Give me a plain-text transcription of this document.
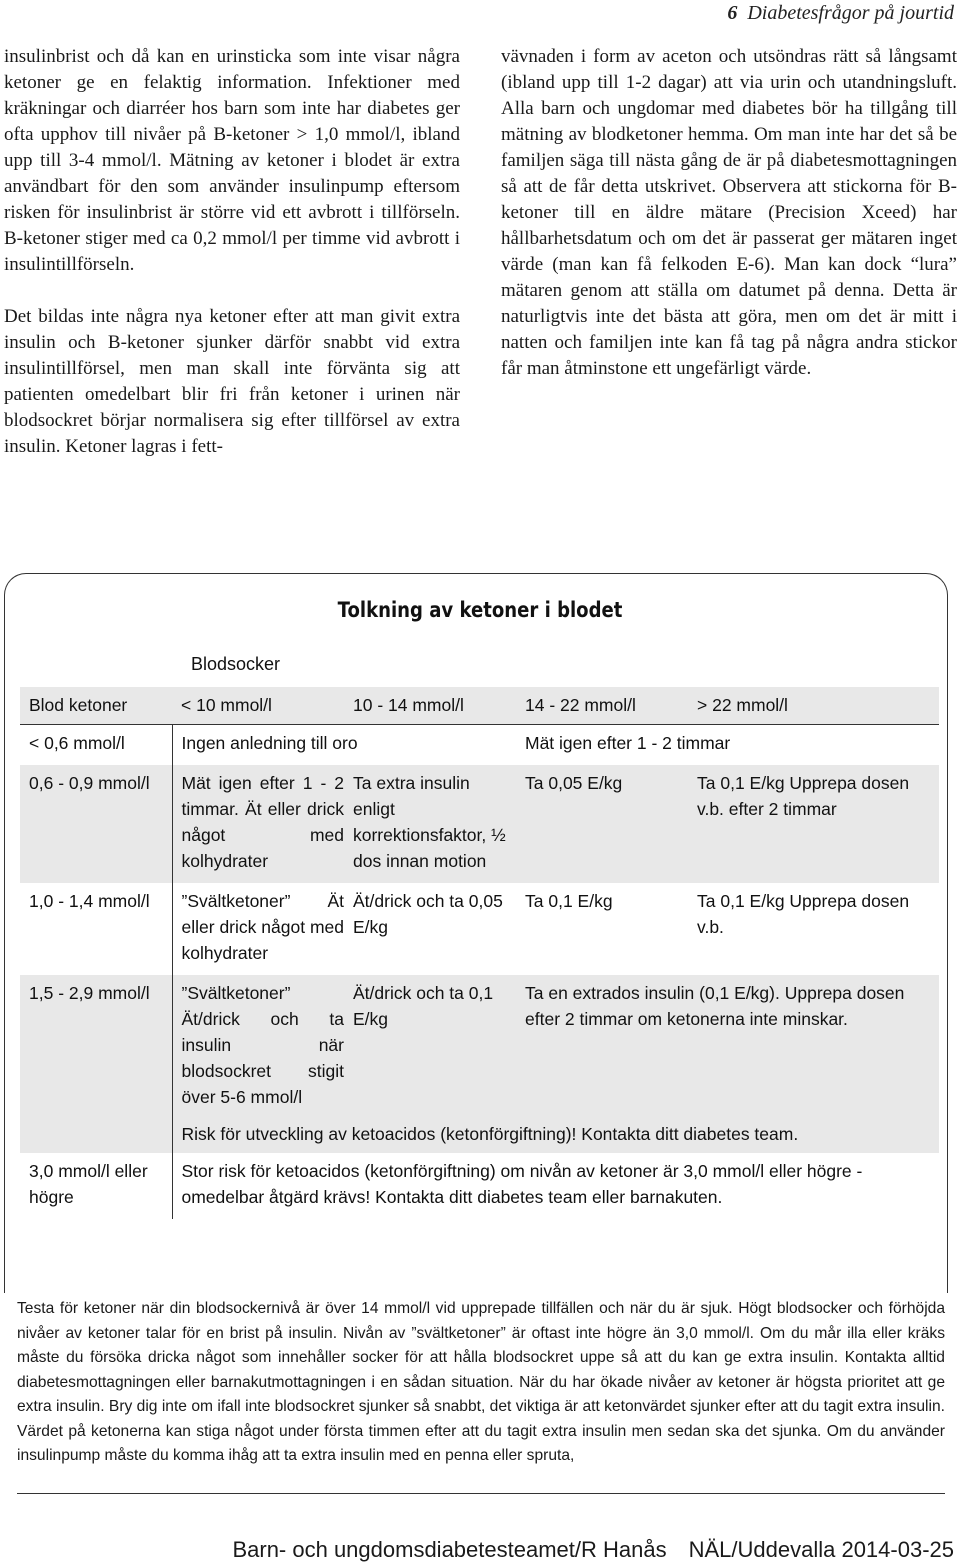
6 Diabetesfrågor på jourtid

insulinbrist och då kan en urinsticka som inte visar några ketoner ge en felaktig information. Infektioner med kräkningar och diarréer hos barn som inte har diabetes ger ofta upphov till nivåer på B-ketoner > 1,0 mmol/l, ibland upp till 3-4 mmol/l. Mätning av ketoner i blodet är extra användbart för den som använder insulinpump eftersom risken för insulinbrist är större vid ett avbrott i tillförseln. B-ketoner stiger med ca 0,2 mmol/l per timme vid avbrott i insulintillförseln.

Det bildas inte några nya ketoner efter att man givit extra insulin och B-ketoner sjunker därför snabbt vid extra insulintillförsel, men man skall inte förvänta sig att patienten omedelbart blir fri från ketoner i urinen när blodsockret börjar normalisera sig efter tillförsel av extra insulin. Ketoner lagras i fett-

vävnaden i form av aceton och utsöndras rätt så långsamt (ibland upp till 1-2 dagar) att via urin och utandningsluft. Alla barn och ungdomar med diabetes bör ha tillgång till mätning av blodketoner hemma. Om man inte har det så be familjen säga till nästa gång de är på diabetesmottagningen så att de får detta utskrivet. Observera att stickorna för B-ketoner till en äldre mätare (Precision Xceed) har hållbarhetsdatum och om det är passerat ger mätaren inget värde (man kan få felkoden E-6). Man kan dock “lura” mätaren genom att ställa om datumet på denna. Detta är naturligtvis inte det bästa att göra, men om det är mitt i natten och familjen inte kan få tag på några andra stickor får man åtminstone ett ungefärligt värde.

Tolkning av ketoner i blodet
Blodsocker
Blod ketoner	< 10 mmol/l	10 - 14 mmol/l	14 - 22 mmol/l	> 22 mmol/l
< 0,6 mmol/l	Ingen anledning till oro		Mät igen efter 1 - 2 timmar	
0,6 - 0,9 mmol/l	Mät igen efter 1 - 2 timmar. Ät eller drick något med kolhydrater	Ta extra insulin enligt korrektionsfaktor, ½ dos innan motion	Ta 0,05 E/kg	Ta 0,1 E/kg Upprepa dosen v.b. efter 2 timmar
1,0 - 1,4 mmol/l	”Svältketoner” Ät eller drick något med kolhydrater	Ät/drick och ta 0,05 E/kg	Ta 0,1 E/kg	Ta 0,1 E/kg Upprepa dosen v.b.
1,5 - 2,9 mmol/l	”Svältketoner” Ät/drick och ta insulin när blodsockret stigit över 5-6 mmol/l	Ät/drick och ta 0,1 E/kg	Ta en extrados insulin (0,1 E/kg). Upprepa dosen efter 2 timmar om ketonerna inte minskar.	
	Risk för utveckling av ketoacidos (ketonförgiftning)! Kontakta ditt diabetes team.			
3,0 mmol/l eller högre	Stor risk för ketoacidos (ketonförgiftning) om nivån av ketoner är 3,0 mmol/l eller högre - omedelbar åtgärd krävs! Kontakta ditt diabetes team eller barnakuten.			
Testa för ketoner när din blodsockernivå är över 14 mmol/l vid upprepade tillfällen och när du är sjuk. Högt blodsocker och förhöjda nivåer av ketoner talar för en brist på insulin. Nivån av ”svältketoner” är oftast inte högre än 3,0 mmol/l. Om du mår illa eller kräks måste du försöka dricka något som innehåller socker för att hålla blodsockret uppe så att du kan ge extra insulin. Kontakta alltid diabetesmottagningen eller barnakutmottagningen i en sådan situation. När du har ökade nivåer av ketoner är högsta prioritet att ge extra insulin. Bry dig inte om ifall inte blodsockret sjunker så snabbt, det viktiga är att ketonvärdet sjunker efter att du tagit extra insulin. Värdet på ketonerna kan stiga något under första timmen efter att du tagit extra insulin men sedan ska det sjunka. Om du använder insulinpump måste du komma ihåg att ta extra insulin med en penna eller spruta,
Barn- och ungdomsdiabetesteamet/R Hanås NÄL/Uddevalla 2014-03-25
